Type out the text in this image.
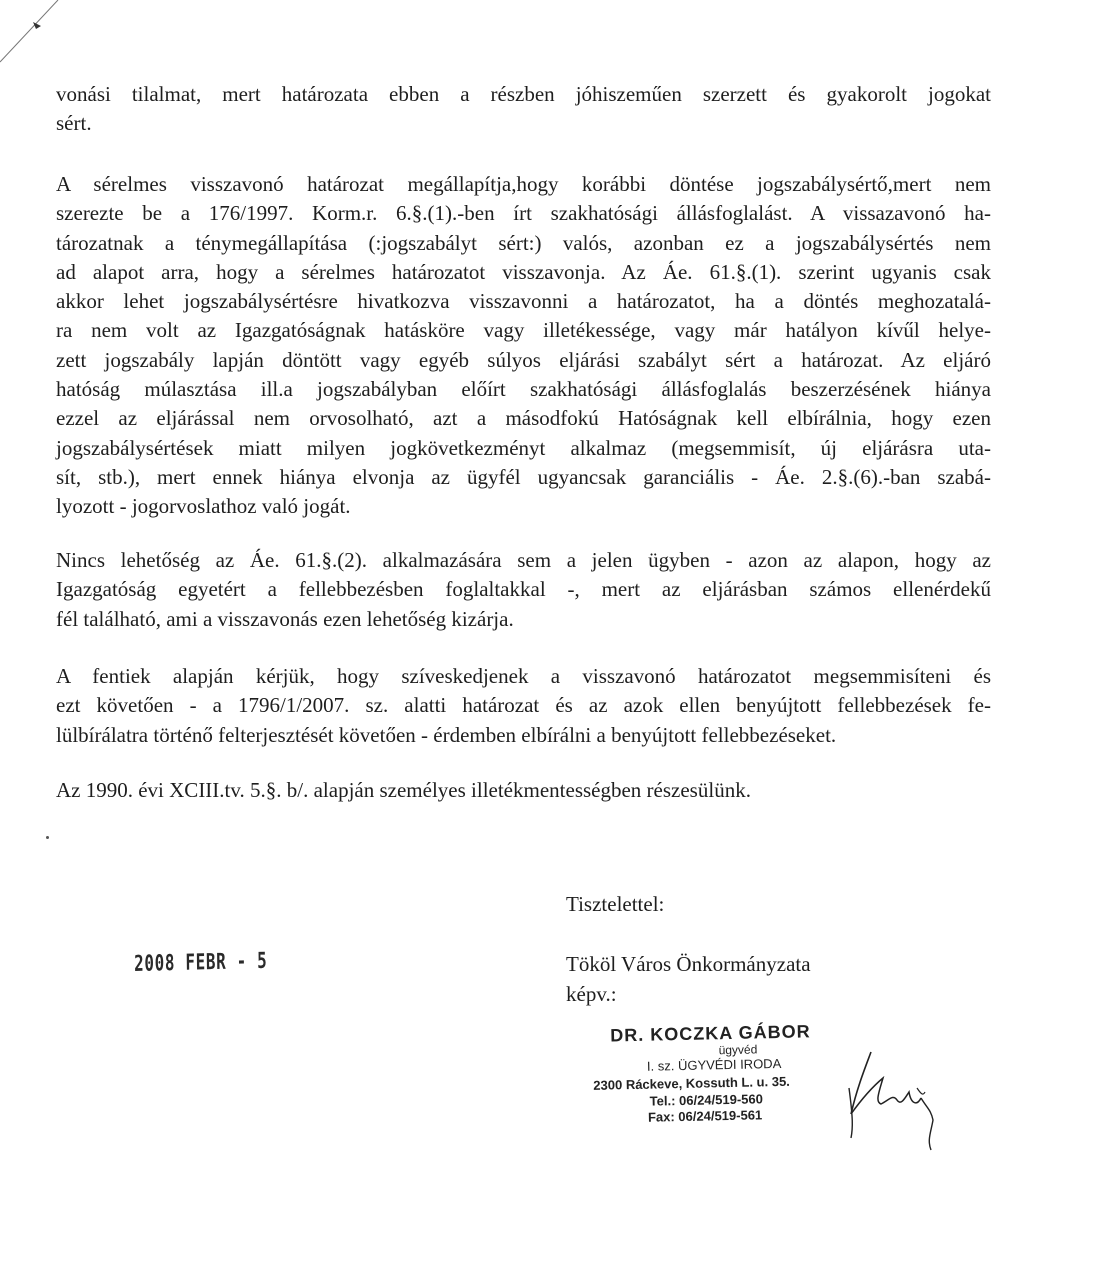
vonási tilalmat, mert határozata ebben a részben jóhiszeműen szerzett és gyakorolt jogokat
sért.
A sérelmes visszavonó határozat megállapítja,hogy korábbi döntése jogszabálysértő,mert nem
szerezte be a 176/1997. Korm.r. 6.§.(1).-ben írt szakhatósági állásfoglalást. A vissazavonó ha-
tározatnak a ténymegállapítása (:jogszabályt sért:) valós, azonban ez a jogszabálysértés nem
ad alapot arra, hogy a sérelmes határozatot visszavonja. Az Áe. 61.§.(1). szerint ugyanis csak
akkor lehet jogszabálysértésre hivatkozva visszavonni a határozatot, ha a döntés meghozatalá-
ra nem volt az Igazgatóságnak hatásköre vagy illetékessége, vagy már hatályon kívűl helye-
zett jogszabály lapján döntött vagy egyéb súlyos eljárási szabályt sért a határozat. Az eljáró
hatóság múlasztása ill.a jogszabályban előírt szakhatósági állásfoglalás beszerzésének hiánya
ezzel az eljárással nem orvosolható, azt a másodfokú Hatóságnak kell elbírálnia, hogy ezen
jogszabálysértések miatt milyen jogkövetkezményt alkalmaz (megsemmisít, új eljárásra uta-
sít, stb.), mert ennek hiánya elvonja az ügyfél ugyancsak garanciális - Áe. 2.§.(6).-ban szabá-
lyozott - jogorvoslathoz való jogát.
Nincs lehetőség az Áe. 61.§.(2). alkalmazására sem a jelen ügyben - azon az alapon, hogy az
Igazgatóság egyetért a fellebbezésben foglaltakkal -, mert az eljárásban számos ellenérdekű
fél található, ami a visszavonás ezen lehetőség kizárja.
A fentiek alapján kérjük, hogy szíveskedjenek a visszavonó határozatot megsemmisíteni és
ezt követően - a 1796/1/2007. sz. alatti határozat és az azok ellen benyújtott fellebbezések fe-
lülbírálatra történő felterjesztését követően - érdemben elbírálni a benyújtott fellebbezéseket.
Az 1990. évi XCIII.tv. 5.§. b/. alapján személyes illetékmentességben részesülünk.
Tisztelettel:
Tököl Város Önkormányzata
képv.:
2008 FEBR - 5
DR. KOCZKA GÁBOR
ügyvéd
I. sz. ÜGYVÉDI IRODA
2300 Ráckeve, Kossuth L. u. 35.
Tel.: 06/24/519-560
Fax: 06/24/519-561
